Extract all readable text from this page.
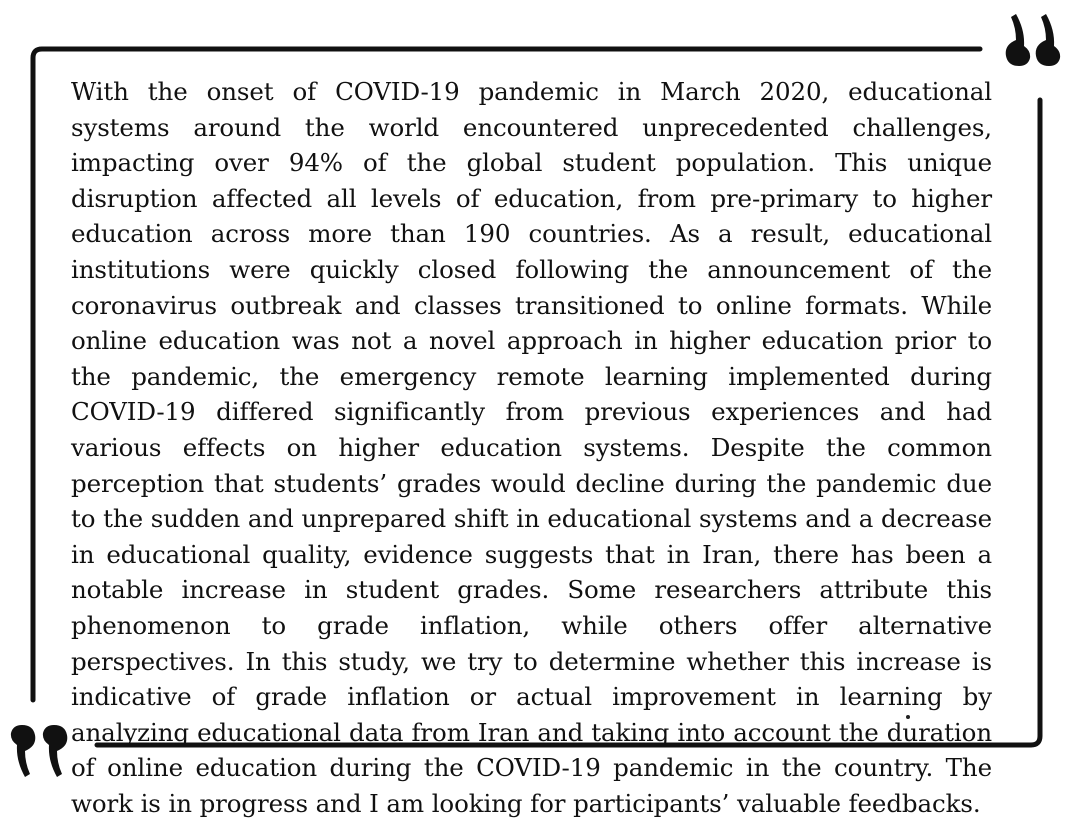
With the onset of COVID-19 pandemic in March 2020, educational systems around the world encountered unprecedented challenges, impacting over 94% of the global student population. This unique disruption affected all levels of education, from pre-primary to higher education across more than 190 countries. As a result, educational institutions were quickly closed following the announcement of the coronavirus outbreak and classes transitioned to online formats. While online education was not a novel approach in higher education prior to the pandemic, the emergency remote learning implemented during COVID-19 differed significantly from previous experiences and had various effects on higher education systems. Despite the common perception that students’ grades would decline during the pandemic due to the sudden and unprepared shift in educational systems and a decrease in educational quality, evidence suggests that in Iran, there has been a notable increase in student grades. Some researchers attribute this phenomenon to grade inflation, while others offer alternative perspectives. In this study, we try to determine whether this increase is indicative of grade inflation or actual improvement in learning by analyzing educational data from Iran and taking into account the duration of online education during the COVID-19 pandemic in the country. The work is in progress and I am looking for participants’ valuable feedbacks.
